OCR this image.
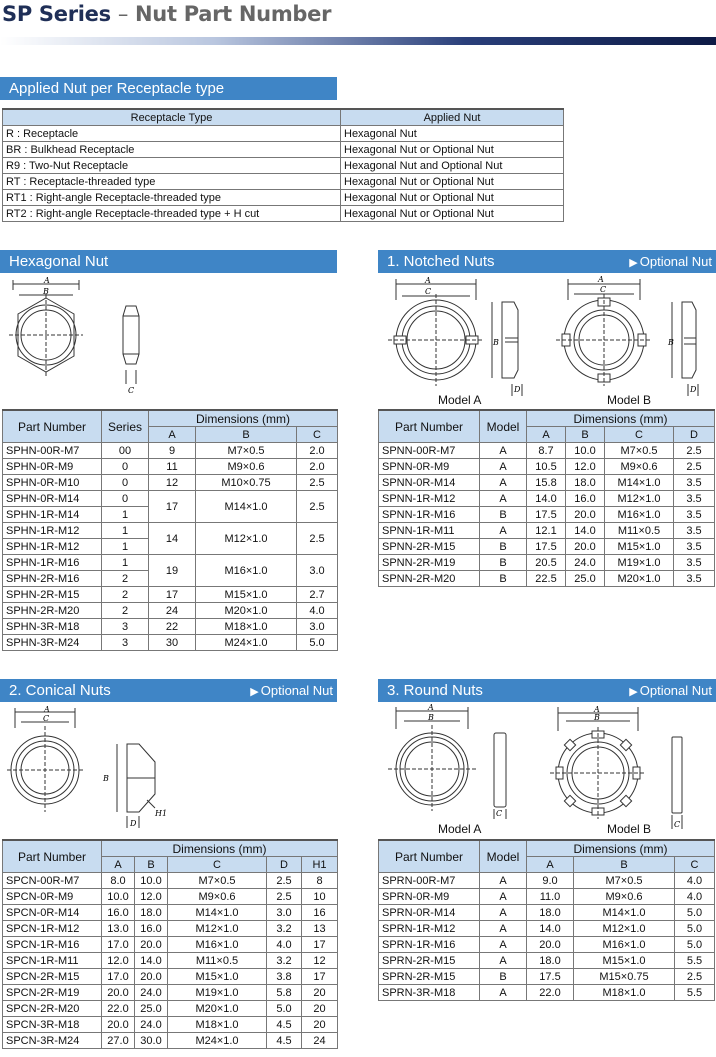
SP Series – Nut Part Number
Applied Nut per Receptacle type
Receptacle Type	Applied Nut
R : Receptacle	Hexagonal Nut
BR : Bulkhead Receptacle	Hexagonal Nut or Optional Nut
R9 : Two-Nut Receptacle	Hexagonal Nut and Optional Nut
RT : Receptacle-threaded type	Hexagonal Nut or Optional Nut
RT1 : Right-angle Receptacle-threaded type	Hexagonal Nut or Optional Nut
RT2 : Right-angle Receptacle-threaded type + H cut	Hexagonal Nut or Optional Nut
Hexagonal Nut
A
B
C
Part Number	Series	Dimensions (mm)		
		A	B	C
SPHN-00R-M7	00	9	M7×0.5	2.0
SPHN-0R-M9	0	11	M9×0.6	2.0
SPHN-0R-M10	0	12	M10×0.75	2.5
SPHN-0R-M14	0	17	M14×1.0	2.5
SPHN-1R-M14	1			
SPHN-1R-M12	1	14	M12×1.0	2.5
SPHN-1R-M12	1			
SPHN-1R-M16	1	19	M16×1.0	3.0
SPHN-2R-M16	2			
SPHN-2R-M15	2	17	M15×1.0	2.7
SPHN-2R-M20	2	24	M20×1.0	4.0
SPHN-3R-M18	3	22	M18×1.0	3.0
SPHN-3R-M24	3	30	M24×1.0	5.0
1. Notched Nuts	▶ Optional Nut
A
C
B
D
A
C
B
D
Model A	Model B
Part Number	Model	Dimensions (mm)			
		A	B	C	D
SPNN-00R-M7	A	8.7	10.0	M7×0.5	2.5
SPNN-0R-M9	A	10.5	12.0	M9×0.6	2.5
SPNN-0R-M14	A	15.8	18.0	M14×1.0	3.5
SPNN-1R-M12	A	14.0	16.0	M12×1.0	3.5
SPNN-1R-M16	B	17.5	20.0	M16×1.0	3.5
SPNN-1R-M11	A	12.1	14.0	M11×0.5	3.5
SPNN-2R-M15	B	17.5	20.0	M15×1.0	3.5
SPNN-2R-M19	B	20.5	24.0	M19×1.0	3.5
SPNN-2R-M20	B	22.5	25.0	M20×1.0	3.5
2. Conical Nuts	▶ Optional Nut
A
C
B
D
H1
Part Number	Dimensions (mm)				
	A	B	C	D	H1
SPCN-00R-M7	8.0	10.0	M7×0.5	2.5	8
SPCN-0R-M9	10.0	12.0	M9×0.6	2.5	10
SPCN-0R-M14	16.0	18.0	M14×1.0	3.0	16
SPCN-1R-M12	13.0	16.0	M12×1.0	3.2	13
SPCN-1R-M16	17.0	20.0	M16×1.0	4.0	17
SPCN-1R-M11	12.0	14.0	M11×0.5	3.2	12
SPCN-2R-M15	17.0	20.0	M15×1.0	3.8	17
SPCN-2R-M19	20.0	24.0	M19×1.0	5.8	20
SPCN-2R-M20	22.0	25.0	M20×1.0	5.0	20
SPCN-3R-M18	20.0	24.0	M18×1.0	4.5	20
SPCN-3R-M24	27.0	30.0	M24×1.0	4.5	24
3. Round Nuts	▶ Optional Nut
A
B
C
A
B
C
Model A	Model B
Part Number	Model	Dimensions (mm)		
		A	B	C
SPRN-00R-M7	A	9.0	M7×0.5	4.0
SPRN-0R-M9	A	11.0	M9×0.6	4.0
SPRN-0R-M14	A	18.0	M14×1.0	5.0
SPRN-1R-M12	A	14.0	M12×1.0	5.0
SPRN-1R-M16	A	20.0	M16×1.0	5.0
SPRN-2R-M15	A	18.0	M15×1.0	5.5
SPRN-2R-M15	B	17.5	M15×0.75	2.5
SPRN-3R-M18	A	22.0	M18×1.0	5.5
